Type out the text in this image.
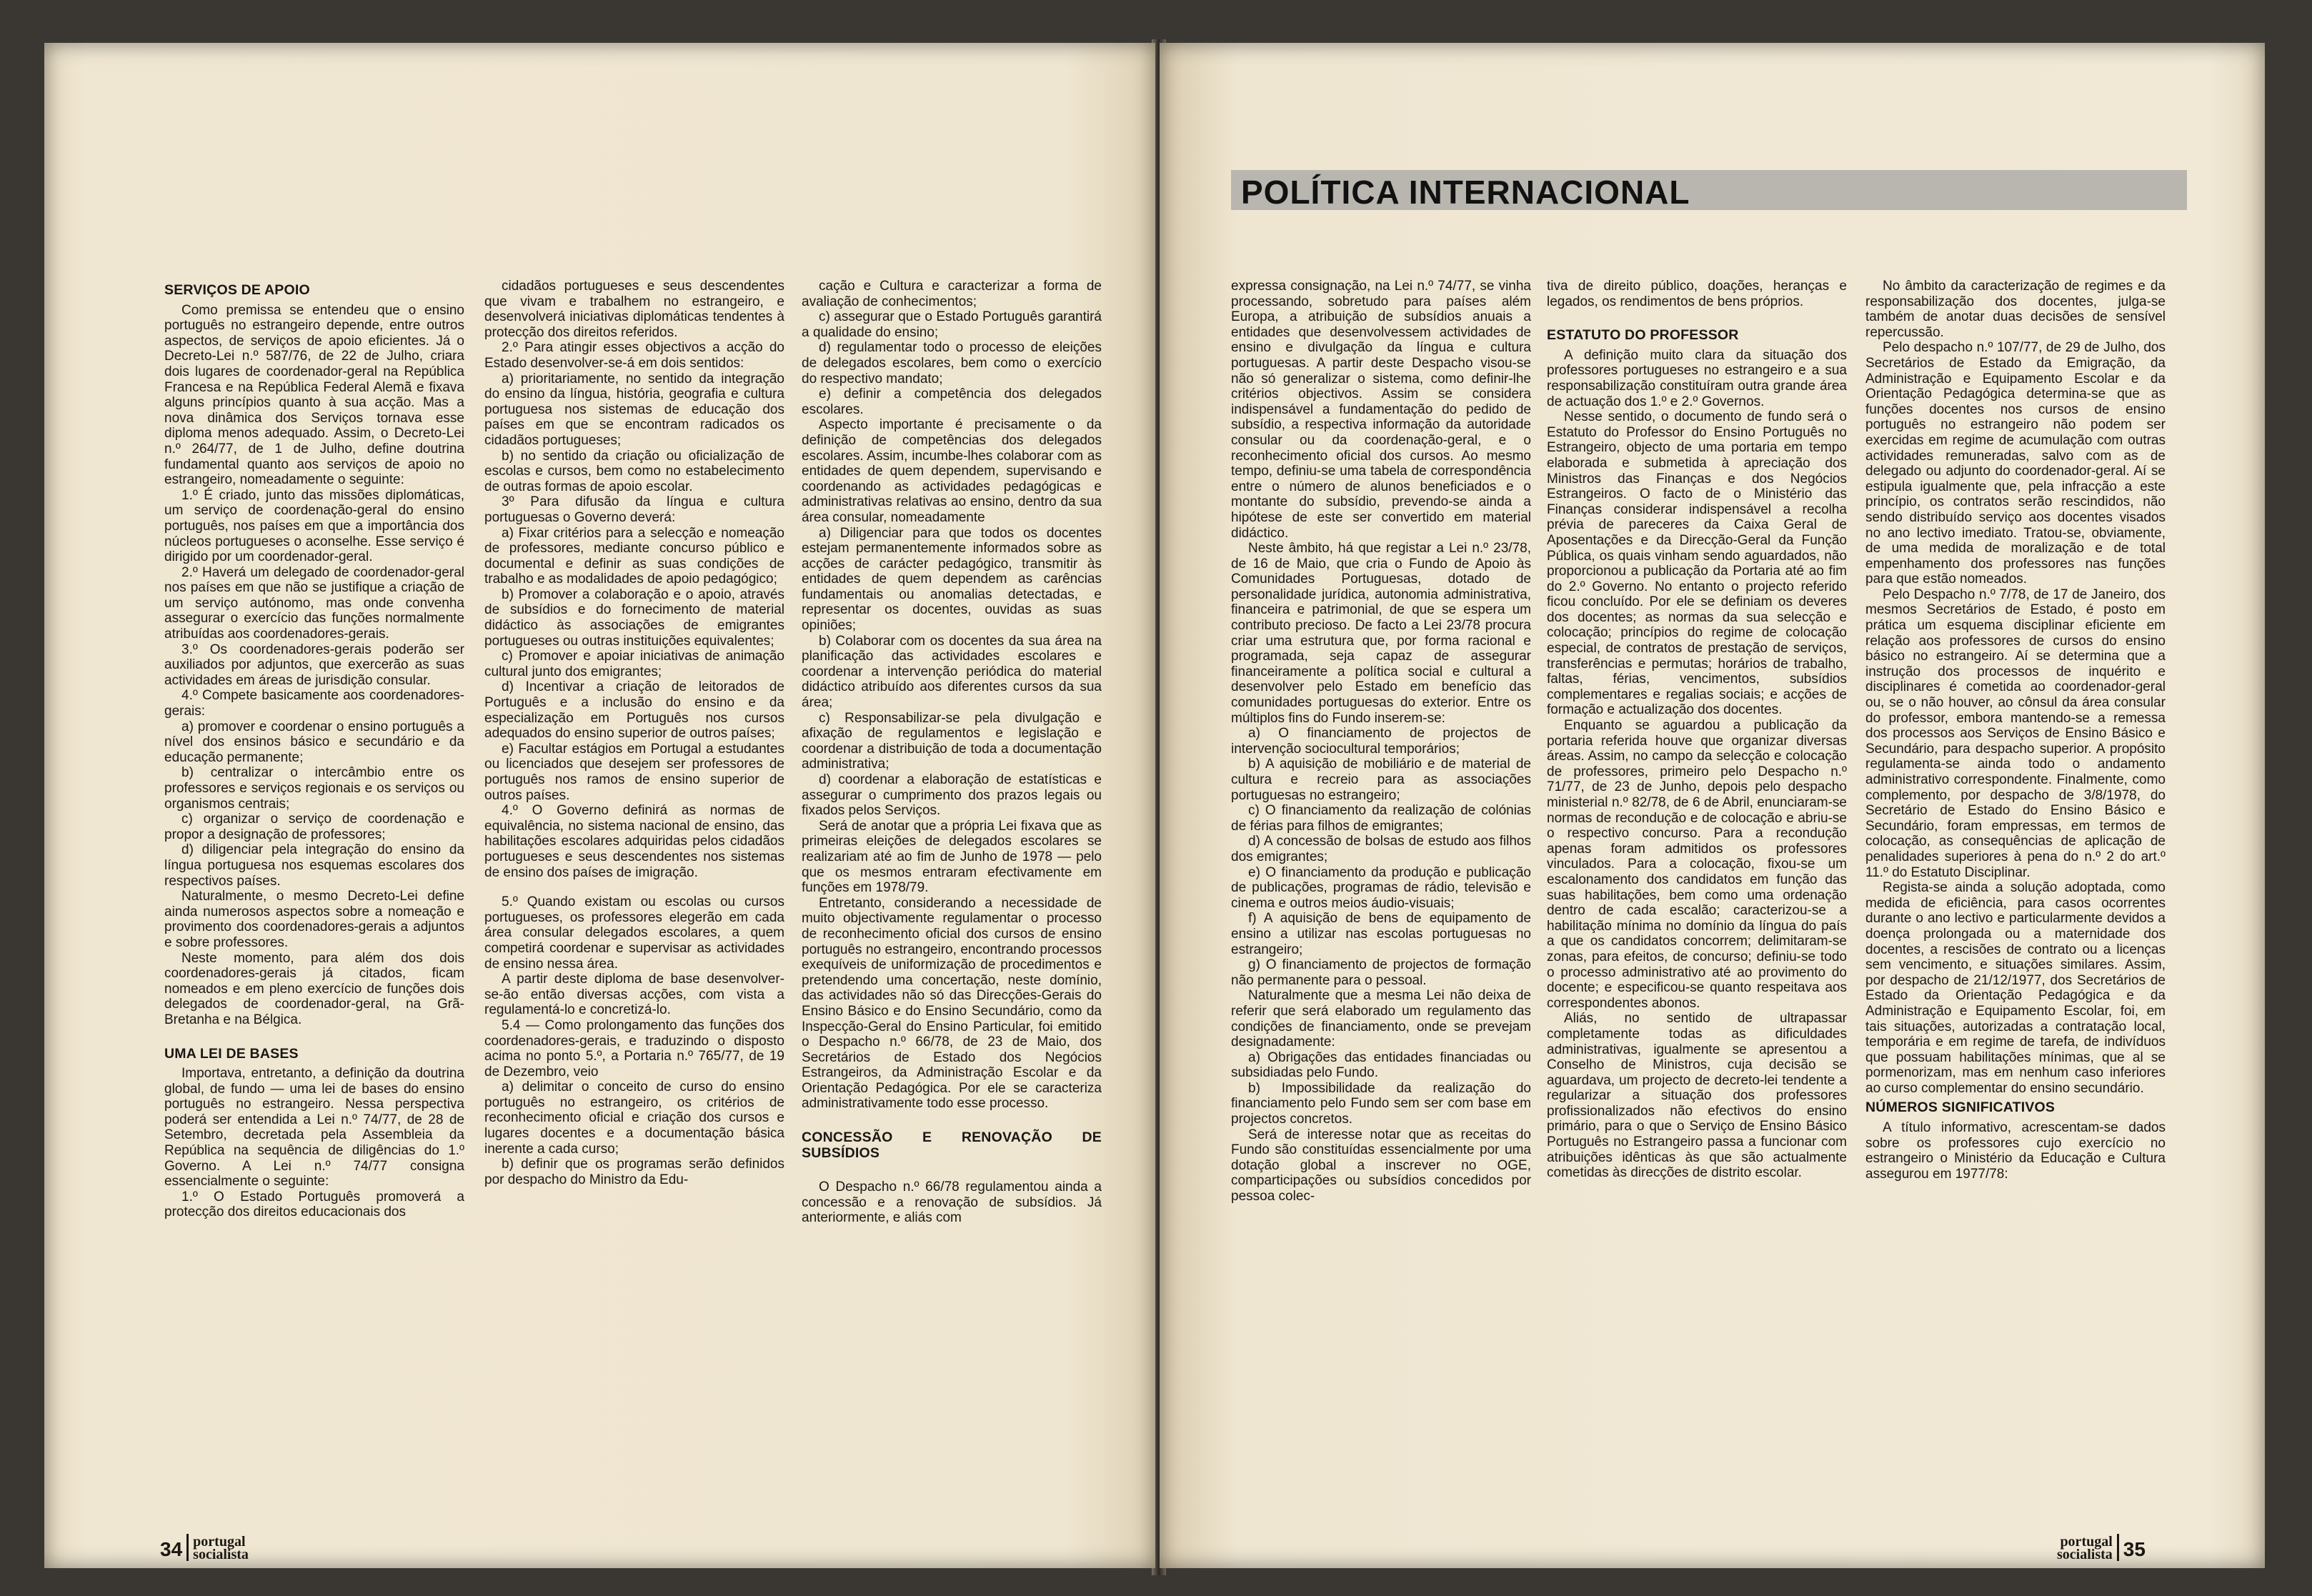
SERVIÇOS DE APOIO

Como premissa se entendeu que o ensino português no estrangeiro depende, entre outros aspectos, de serviços de apoio eficientes. Já o Decreto-Lei n.º 587/76, de 22 de Julho, criara dois lugares de coordenador-geral na República Francesa e na República Federal Alemã e fixava alguns princípios quanto à sua acção. Mas a nova dinâmica dos Serviços tornava esse diploma menos adequado. Assim, o Decreto-Lei n.º 264/77, de 1 de Julho, define doutrina fundamental quanto aos serviços de apoio no estrangeiro, nomeadamente o seguinte:

1.º É criado, junto das missões diplomáticas, um serviço de coordenação-geral do ensino português, nos países em que a importância dos núcleos portugueses o aconselhe. Esse serviço é dirigido por um coordenador-geral.

2.º Haverá um delegado de coordenador-geral nos países em que não se justifique a criação de um serviço autónomo, mas onde convenha assegurar o exercício das funções normalmente atribuídas aos coordenadores-gerais.

3.º Os coordenadores-gerais poderão ser auxiliados por adjuntos, que exercerão as suas actividades em áreas de jurisdição consular.

4.º Compete basicamente aos coordenadores-gerais:

a) promover e coordenar o ensino português a nível dos ensinos básico e secundário e da educação permanente;

b) centralizar o intercâmbio entre os professores e serviços regionais e os serviços ou organismos centrais;

c) organizar o serviço de coordenação e propor a designação de professores;

d) diligenciar pela integração do ensino da língua portuguesa nos esquemas escolares dos respectivos países.

Naturalmente, o mesmo Decreto-Lei define ainda numerosos aspectos sobre a nomeação e provimento dos coordenadores-gerais a adjuntos e sobre professores.

Neste momento, para além dos dois coordenadores-gerais já citados, ficam nomeados e em pleno exercício de funções dois delegados de coordenador-geral, na Grã-Bretanha e na Bélgica.

UMA LEI DE BASES

Importava, entretanto, a definição da doutrina global, de fundo — uma lei de bases do ensino português no estrangeiro. Nessa perspectiva poderá ser entendida a Lei n.º 74/77, de 28 de Setembro, decretada pela Assembleia da República na sequência de diligências do 1.º Governo. A Lei n.º 74/77 consigna essencialmente o seguinte:

1.º O Estado Português promoverá a protecção dos direitos educacionais dos

cidadãos portugueses e seus descendentes que vivam e trabalhem no estrangeiro, e desenvolverá iniciativas diplomáticas tendentes à protecção dos direitos referidos.

2.º Para atingir esses objectivos a acção do Estado desenvolver-se-á em dois sentidos:

a) prioritariamente, no sentido da integração do ensino da língua, história, geografia e cultura portuguesa nos sistemas de educação dos países em que se encontram radicados os cidadãos portugueses;

b) no sentido da criação ou oficialização de escolas e cursos, bem como no estabelecimento de outras formas de apoio escolar.

3º Para difusão da língua e cultura portuguesas o Governo deverá:

a) Fixar critérios para a selecção e nomeação de professores, mediante concurso público e documental e definir as suas condições de trabalho e as modalidades de apoio pedagógico;

b) Promover a colaboração e o apoio, através de subsídios e do fornecimento de material didáctico às associações de emigrantes portugueses ou outras instituições equivalentes;

c) Promover e apoiar iniciativas de animação cultural junto dos emigrantes;

d) Incentivar a criação de leitorados de Português e a inclusão do ensino e da especialização em Português nos cursos adequados do ensino superior de outros países;

e) Facultar estágios em Portugal a estudantes ou licenciados que desejem ser professores de português nos ramos de ensino superior de outros países.

4.º O Governo definirá as normas de equivalência, no sistema nacional de ensino, das habilitações escolares adquiridas pelos cidadãos portugueses e seus descendentes nos sistemas de ensino dos países de imigração.

5.º Quando existam ou escolas ou cursos portugueses, os professores elegerão em cada área consular delegados escolares, a quem competirá coordenar e supervisar as actividades de ensino nessa área.

A partir deste diploma de base desenvolver-se-ão então diversas acções, com vista a regulamentá-lo e concretizá-lo.

5.4 — Como prolongamento das funções dos coordenadores-gerais, e traduzindo o disposto acima no ponto 5.º, a Portaria n.º 765/77, de 19 de Dezembro, veio

a) delimitar o conceito de curso do ensino português no estrangeiro, os critérios de reconhecimento oficial e criação dos cursos e lugares docentes e a documentação básica inerente a cada curso;

b) definir que os programas serão definidos por despacho do Ministro da Edu-

cação e Cultura e caracterizar a forma de avaliação de conhecimentos;

c) assegurar que o Estado Português garantirá a qualidade do ensino;

d) regulamentar todo o processo de eleições de delegados escolares, bem como o exercício do respectivo mandato;

e) definir a competência dos delegados escolares.

Aspecto importante é precisamente o da definição de competências dos delegados escolares. Assim, incumbe-lhes colaborar com as entidades de quem dependem, supervisando e coordenando as actividades pedagógicas e administrativas relativas ao ensino, dentro da sua área consular, nomeadamente

a) Diligenciar para que todos os docentes estejam permanentemente informados sobre as acções de carácter pedagógico, transmitir às entidades de quem dependem as carências fundamentais ou anomalias detectadas, e representar os docentes, ouvidas as suas opiniões;

b) Colaborar com os docentes da sua área na planificação das actividades escolares e coordenar a intervenção periódica do material didáctico atribuído aos diferentes cursos da sua área;

c) Responsabilizar-se pela divulgação e afixação de regulamentos e legislação e coordenar a distribuição de toda a documentação administrativa;

d) coordenar a elaboração de estatísticas e assegurar o cumprimento dos prazos legais ou fixados pelos Serviços.

Será de anotar que a própria Lei fixava que as primeiras eleições de delegados escolares se realizariam até ao fim de Junho de 1978 — pelo que os mesmos entraram efectivamente em funções em 1978/79.

Entretanto, considerando a necessidade de muito objectivamente regulamentar o processo de reconhecimento oficial dos cursos de ensino português no estrangeiro, encontrando processos exequíveis de uniformização de procedimentos e pretendendo uma concertação, neste domínio, das actividades não só das Direcções-Gerais do Ensino Básico e do Ensino Secundário, como da Inspecção-Geral do Ensino Particular, foi emitido o Despacho n.º 66/78, de 23 de Maio, dos Secretários de Estado dos Negócios Estrangeiros, da Administração Escolar e da Orientação Pedagógica. Por ele se caracteriza administrativamente todo esse processo.

CONCESSÃO E RENOVAÇÃO DE SUBSÍDIOS

O Despacho n.º 66/78 regulamentou ainda a concessão e a renovação de subsídios. Já anteriormente, e aliás com

34 portugal
socialista
POLÍTICA INTERNACIONAL

expressa consignação, na Lei n.º 74/77, se vinha processando, sobretudo para países além Europa, a atribuição de subsídios anuais a entidades que desenvolvessem actividades de ensino e divulgação da língua e cultura portuguesas. A partir deste Despacho visou-se não só generalizar o sistema, como definir-lhe critérios objectivos. Assim se considera indispensável a fundamentação do pedido de subsídio, a respectiva informação da autoridade consular ou da coordenação-geral, e o reconhecimento oficial dos cursos. Ao mesmo tempo, definiu-se uma tabela de correspondência entre o número de alunos beneficiados e o montante do subsídio, prevendo-se ainda a hipótese de este ser convertido em material didáctico.

Neste âmbito, há que registar a Lei n.º 23/78, de 16 de Maio, que cria o Fundo de Apoio às Comunidades Portuguesas, dotado de personalidade jurídica, autonomia administrativa, financeira e patrimonial, de que se espera um contributo precioso. De facto a Lei 23/78 procura criar uma estrutura que, por forma racional e programada, seja capaz de assegurar financeiramente a política social e cultural a desenvolver pelo Estado em benefício das comunidades portuguesas do exterior. Entre os múltiplos fins do Fundo inserem-se:

a) O financiamento de projectos de intervenção sociocultural temporários;

b) A aquisição de mobiliário e de material de cultura e recreio para as associações portuguesas no estrangeiro;

c) O financiamento da realização de colónias de férias para filhos de emigrantes;

d) A concessão de bolsas de estudo aos filhos dos emigrantes;

e) O financiamento da produção e publicação de publicações, programas de rádio, televisão e cinema e outros meios áudio-visuais;

f) A aquisição de bens de equipamento de ensino a utilizar nas escolas portuguesas no estrangeiro;

g) O financiamento de projectos de formação não permanente para o pessoal.

Naturalmente que a mesma Lei não deixa de referir que será elaborado um regulamento das condições de financiamento, onde se prevejam designadamente:

a) Obrigações das entidades financiadas ou subsidiadas pelo Fundo.

b) Impossibilidade da realização do financiamento pelo Fundo sem ser com base em projectos concretos.

Será de interesse notar que as receitas do Fundo são constituídas essencialmente por uma dotação global a inscrever no OGE, comparticipações ou subsídios concedidos por pessoa colec-

tiva de direito público, doações, heranças e legados, os rendimentos de bens próprios.

ESTATUTO DO PROFESSOR

A definição muito clara da situação dos professores portugueses no estrangeiro e a sua responsabilização constituíram outra grande área de actuação dos 1.º e 2.º Governos.

Nesse sentido, o documento de fundo será o Estatuto do Professor do Ensino Português no Estrangeiro, objecto de uma portaria em tempo elaborada e submetida à apreciação dos Ministros das Finanças e dos Negócios Estrangeiros. O facto de o Ministério das Finanças considerar indispensável a recolha prévia de pareceres da Caixa Geral de Aposentações e da Direcção-Geral da Função Pública, os quais vinham sendo aguardados, não proporcionou a publicação da Portaria até ao fim do 2.º Governo. No entanto o projecto referido ficou concluído. Por ele se definiam os deveres dos docentes; as normas da sua selecção e colocação; princípios do regime de colocação especial, de contratos de prestação de serviços, transferências e permutas; horários de trabalho, faltas, férias, vencimentos, subsídios complementares e regalias sociais; e acções de formação e actualização dos docentes.

Enquanto se aguardou a publicação da portaria referida houve que organizar diversas áreas. Assim, no campo da selecção e colocação de professores, primeiro pelo Despacho n.º 71/77, de 23 de Junho, depois pelo despacho ministerial n.º 82/78, de 6 de Abril, enunciaram-se normas de recondução e de colocação e abriu-se o respectivo concurso. Para a recondução apenas foram admitidos os professores vinculados. Para a colocação, fixou-se um escalonamento dos candidatos em função das suas habilitações, bem como uma ordenação dentro de cada escalão; caracterizou-se a habilitação mínima no domínio da língua do país a que os candidatos concorrem; delimitaram-se zonas, para efeitos, de concurso; definiu-se todo o processo administrativo até ao provimento do docente; e especificou-se quanto respeitava aos correspondentes abonos.

Aliás, no sentido de ultrapassar completamente todas as dificuldades administrativas, igualmente se apresentou a Conselho de Ministros, cuja decisão se aguardava, um projecto de decreto-lei tendente a regularizar a situação dos professores profissionalizados não efectivos do ensino primário, para o que o Serviço de Ensino Básico Português no Estrangeiro passa a funcionar com atribuições idênticas às que são actualmente cometidas às direcções de distrito escolar.

No âmbito da caracterização de regimes e da responsabilização dos docentes, julga-se também de anotar duas decisões de sensível repercussão.

Pelo despacho n.º 107/77, de 29 de Julho, dos Secretários de Estado da Emigração, da Administração e Equipamento Escolar e da Orientação Pedagógica determina-se que as funções docentes nos cursos de ensino português no estrangeiro não podem ser exercidas em regime de acumulação com outras actividades remuneradas, salvo com as de delegado ou adjunto do coordenador-geral. Aí se estipula igualmente que, pela infracção a este princípio, os contratos serão rescindidos, não sendo distribuído serviço aos docentes visados no ano lectivo imediato. Tratou-se, obviamente, de uma medida de moralização e de total empenhamento dos professores nas funções para que estão nomeados.

Pelo Despacho n.º 7/78, de 17 de Janeiro, dos mesmos Secretários de Estado, é posto em prática um esquema disciplinar eficiente em relação aos professores de cursos do ensino básico no estrangeiro. Aí se determina que a instrução dos processos de inquérito e disciplinares é cometida ao coordenador-geral ou, se o não houver, ao cônsul da área consular do professor, embora mantendo-se a remessa dos processos aos Serviços de Ensino Básico e Secundário, para despacho superior. A propósito regulamenta-se ainda todo o andamento administrativo correspondente. Finalmente, como complemento, por despacho de 3/8/1978, do Secretário de Estado do Ensino Básico e Secundário, foram empressas, em termos de colocação, as consequências de aplicação de penalidades superiores à pena do n.º 2 do art.º 11.º do Estatuto Disciplinar.

Regista-se ainda a solução adoptada, como medida de eficiência, para casos ocorrentes durante o ano lectivo e particularmente devidos a doença prolongada ou a maternidade dos docentes, a rescisões de contrato ou a licenças sem vencimento, e situações similares. Assim, por despacho de 21/12/1977, dos Secretários de Estado da Orientação Pedagógica e da Administração e Equipamento Escolar, foi, em tais situações, autorizadas a contratação local, temporária e em regime de tarefa, de indivíduos que possuam habilitações mínimas, que al se pormenorizam, mas em nenhum caso inferiores ao curso complementar do ensino secundário.

NÚMEROS SIGNIFICATIVOS

A título informativo, acrescentam-se dados sobre os professores cujo exercício no estrangeiro o Ministério da Educação e Cultura assegurou em 1977/78:

portugal
socialista 35
